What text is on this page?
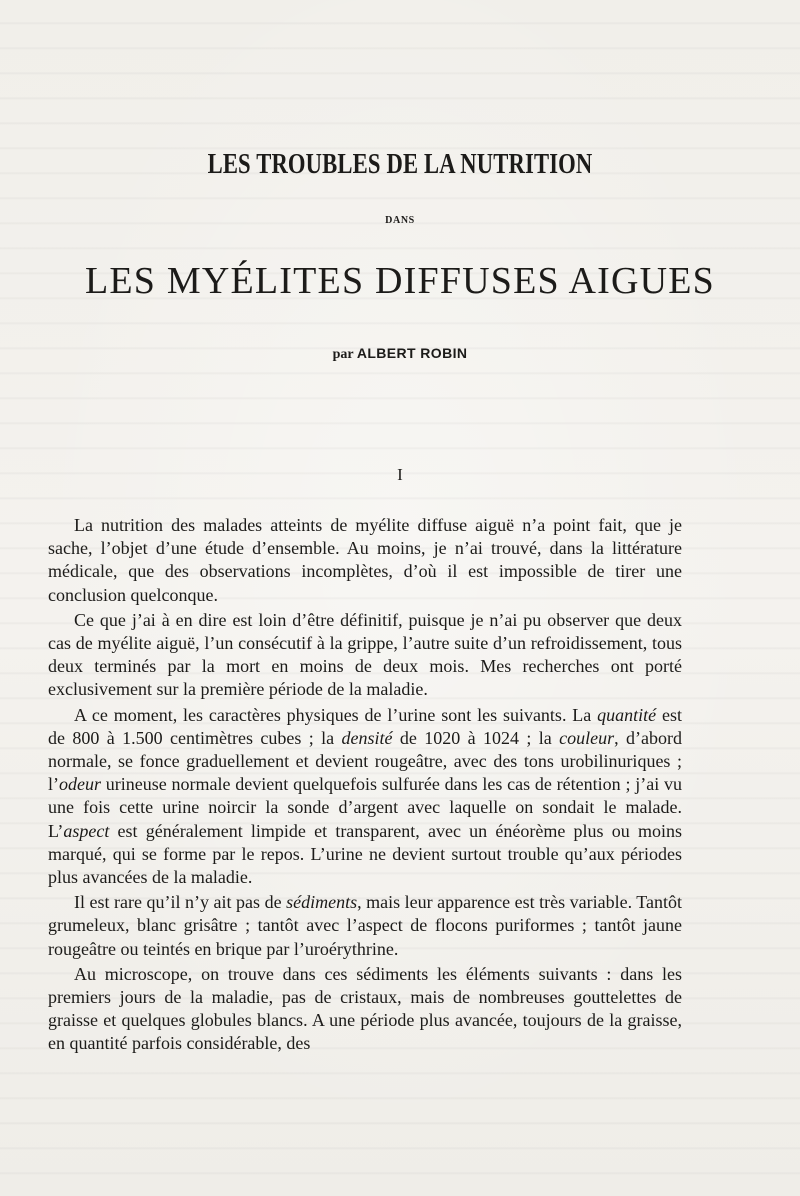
LES TROUBLES DE LA NUTRITION
DANS
LES MYÉLITES DIFFUSES AIGUES
par ALBERT ROBIN
I

La nutrition des malades atteints de myélite diffuse aiguë n’a point fait, que je sache, l’objet d’une étude d’ensemble. Au moins, je n’ai trouvé, dans la littérature médicale, que des observations incomplètes, d’où il est impossible de tirer une conclusion quelconque.

Ce que j’ai à en dire est loin d’être définitif, puisque je n’ai pu observer que deux cas de myélite aiguë, l’un consécutif à la grippe, l’autre suite d’un refroidissement, tous deux terminés par la mort en moins de deux mois. Mes recherches ont porté exclusivement sur la première période de la maladie.

A ce moment, les caractères physiques de l’urine sont les suivants. La quantité est de 800 à 1.500 centimètres cubes ; la densité de 1020 à 1024 ; la couleur, d’abord normale, se fonce graduellement et devient rougeâtre, avec des tons urobilinuriques ; l’odeur urineuse normale devient quelquefois sulfurée dans les cas de rétention ; j’ai vu une fois cette urine noircir la sonde d’argent avec laquelle on sondait le malade. L’aspect est généralement limpide et transparent, avec un énéorème plus ou moins marqué, qui se forme par le repos. L’urine ne devient surtout trouble qu’aux périodes plus avancées de la maladie.

Il est rare qu’il n’y ait pas de sédiments, mais leur apparence est très variable. Tantôt grumeleux, blanc grisâtre ; tantôt avec l’aspect de flocons puriformes ; tantôt jaune rougeâtre ou teintés en brique par l’uroérythrine.

Au microscope, on trouve dans ces sédiments les éléments suivants : dans les premiers jours de la maladie, pas de cristaux, mais de nombreuses gouttelettes de graisse et quelques globules blancs. A une période plus avancée, toujours de la graisse, en quantité parfois considérable, des
